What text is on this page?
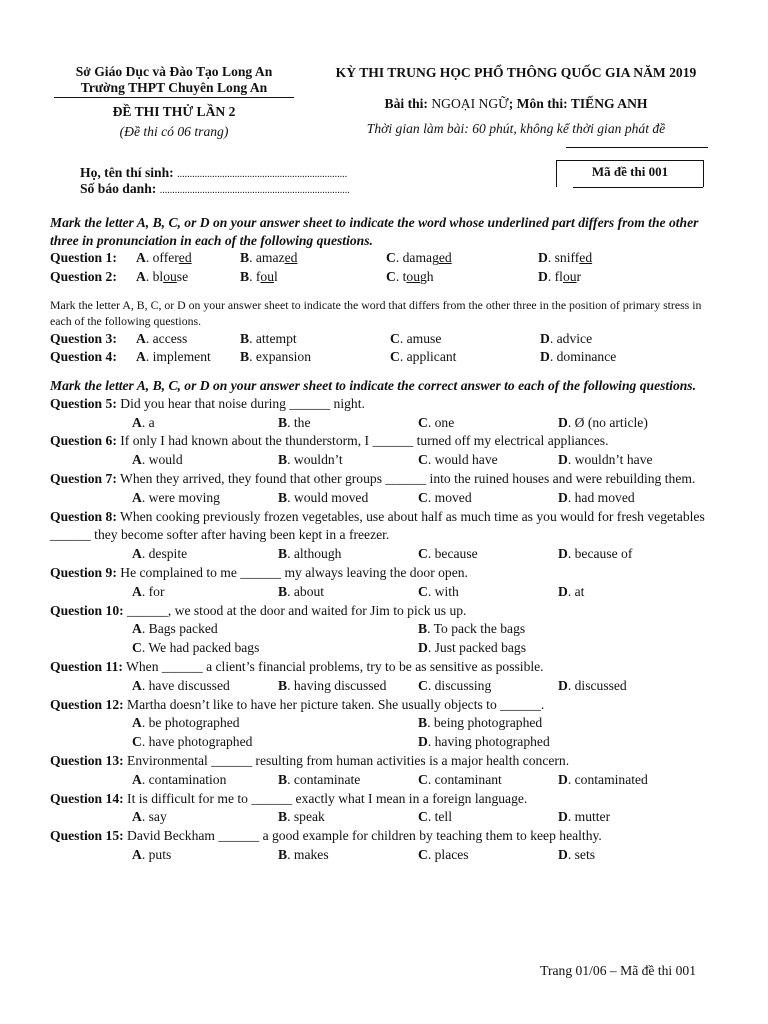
Sở Giáo Dục và Đào Tạo Long An
Trường THPT Chuyên Long An
ĐỀ THI THỬ LẦN 2
(Đề thi có 06 trang)
KỲ THI TRUNG HỌC PHỔ THÔNG QUỐC GIA NĂM 2019
Bài thi: NGOẠI NGỮ; Môn thi: TIẾNG ANH
Thời gian làm bài: 60 phút, không kể thời gian phát đề
Họ, tên thí sinh: ....................................................................
Số báo danh: ............................................................................
Mã đề thi 001
Mark the letter A, B, C, or D on your answer sheet to indicate the word whose underlined part differs from the other three in pronunciation in each of the following questions.
Question 1: A. offered	B. amazed	C. damaged	D. sniffed
Question 2: A. blouse	B. foul	C. tough	D. flour
Mark the letter A, B, C, or D on your answer sheet to indicate the word that differs from the other three in the position of primary stress in each of the following questions.
Question 3: A. access	B. attempt	C. amuse	D. advice
Question 4: A. implement B. expansion	C. applicant	D. dominance
Mark the letter A, B, C, or D on your answer sheet to indicate the correct answer to each of the following questions.
Question 5: Did you hear that noise during ______ night.
A. a	B. the	C. one	D. Ø (no article)
Question 6: If only I had known about the thunderstorm, I ______ turned off my electrical appliances.
A. would	B. wouldn’t	C. would have	D. wouldn’t have
Question 7: When they arrived, they found that other groups ______ into the ruined houses and were rebuilding them.
A. were moving	B. would moved	C. moved	D. had moved
Question 8: When cooking previously frozen vegetables, use about half as much time as you would for fresh vegetables ______ they become softer after having been kept in a freezer.
A. despite	B. although	C. because	D. because of
Question 9: He complained to me ______ my always leaving the door open.
A. for	B. about	C. with	D. at
Question 10: ______, we stood at the door and waited for Jim to pick us up.
A. Bags packed	B. To pack the bags
C. We had packed bags	D. Just packed bags
Question 11: When ______ a client’s financial problems, try to be as sensitive as possible.
A. have discussed	B. having discussed C. discussing	D. discussed
Question 12: Martha doesn’t like to have her picture taken. She usually objects to ______.
A. be photographed	B. being photographed
C. have photographed	D. having photographed
Question 13: Environmental ______ resulting from human activities is a major health concern.
A. contamination	B. contaminate	C. contaminant	D. contaminated
Question 14: It is difficult for me to ______ exactly what I mean in a foreign language.
A. say	B. speak	C. tell	D. mutter
Question 15: David Beckham ______ a good example for children by teaching them to keep healthy.
A. puts	B. makes	C. places	D. sets
Trang 01/06 – Mã đề thi 001
